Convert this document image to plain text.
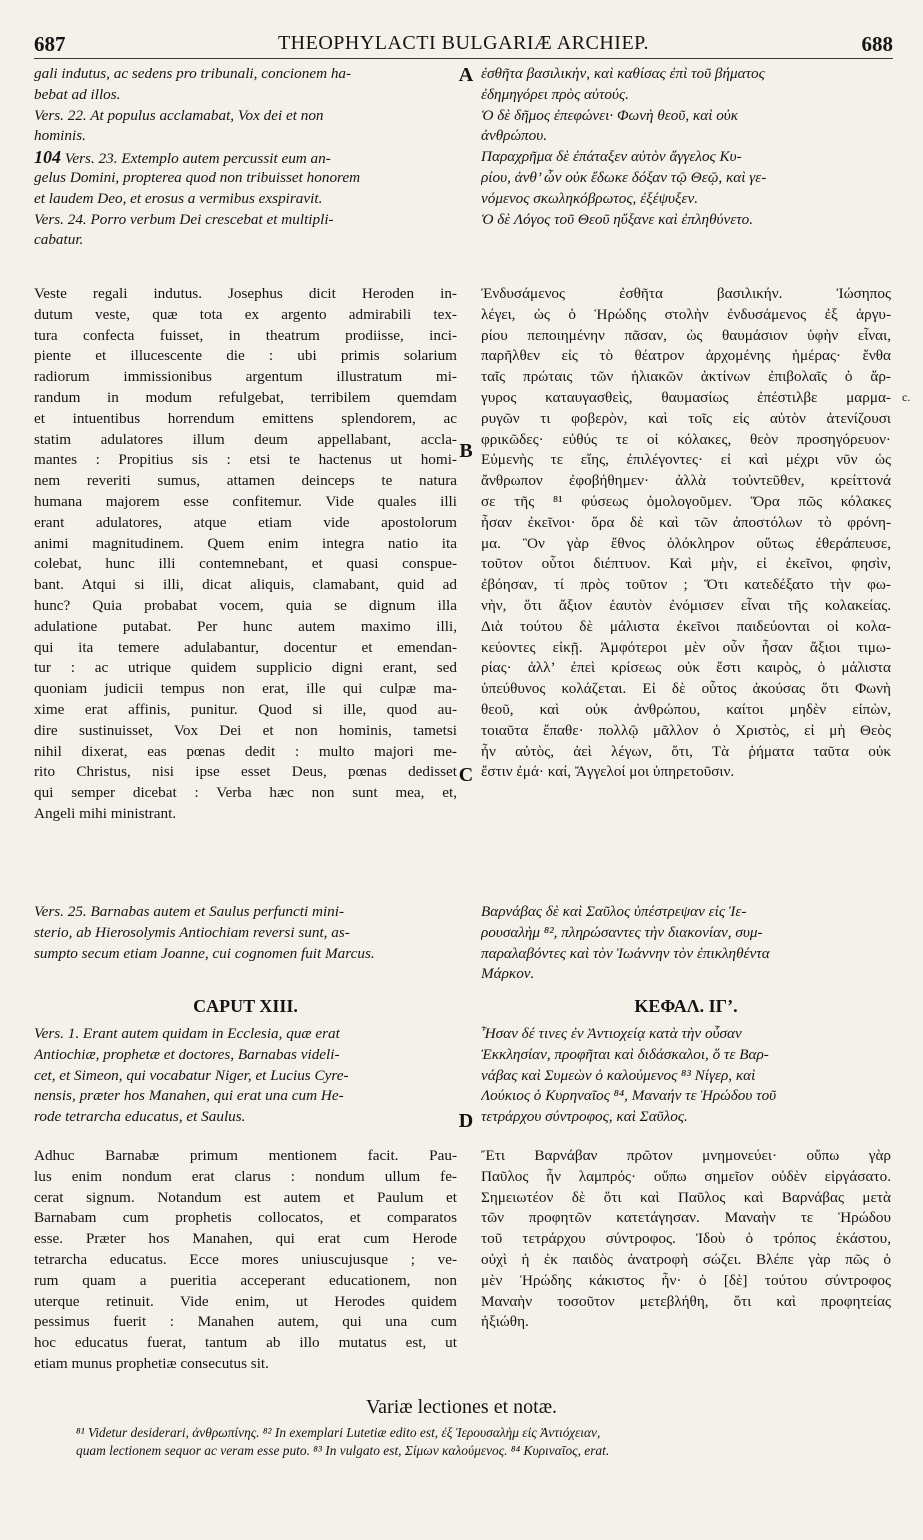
687	THEOPHYLACTI BULGARIÆ ARCHIEP.	688
A
B
C
D
c.
gali indutus, ac sedens pro tribunali, concionem ha-
bebat ad illos.
Vers. 22. At populus acclamabat, Vox dei et non
hominis.
104 Vers. 23. Extemplo autem percussit eum an-
gelus Domini, propterea quod non tribuisset honorem
et laudem Deo, et erosus a vermibus exspiravit.
Vers. 24. Porro verbum Dei crescebat et multipli-
cabatur.
Veste regali indutus. Josephus dicit Heroden in-
dutum veste, quæ tota ex argento admirabili tex-
tura confecta fuisset, in theatrum prodiisse, inci-
piente et illucescente die : ubi primis solarium
radiorum immissionibus argentum illustratum mi-
randum in modum refulgebat, terribilem quemdam
et intuentibus horrendum emittens splendorem, ac
statim adulatores illum deum appellabant, accla-
mantes : Propitius sis : etsi te hactenus ut homi-
nem reveriti sumus, attamen deinceps te natura
humana majorem esse confitemur. Vide quales illi
erant adulatores, atque etiam vide apostolorum
animi magnitudinem. Quem enim integra natio ita
colebat, hunc illi contemnebant, et quasi conspue-
bant. Atqui si illi, dicat aliquis, clamabant, quid ad
hunc? Quia probabat vocem, quia se dignum illa
adulatione putabat. Per hunc autem maximo illi,
qui ita temere adulabantur, docentur et emendan-
tur : ac utrique quidem supplicio digni erant, sed
quoniam judicii tempus non erat, ille qui culpæ ma-
xime erat affinis, punitur. Quod si ille, quod au-
dire sustinuisset, Vox Dei et non hominis, tametsi
nihil dixerat, eas pœnas dedit : multo majori me-
rito Christus, nisi ipse esset Deus, pœnas dedisset
qui semper dicebat : Verba hæc non sunt mea, et,
Angeli mihi ministrant.
Vers. 25. Barnabas autem et Saulus perfuncti mini-
sterio, ab Hierosolymis Antiochiam reversi sunt, as-
sumpto secum etiam Joanne, cui cognomen fuit Marcus.
CAPUT XIII.
Vers. 1. Erant autem quidam in Ecclesia, quæ erat
Antiochiæ, prophetæ et doctores, Barnabas videli-
cet, et Simeon, qui vocabatur Niger, et Lucius Cyre-
nensis, præter hos Manahen, qui erat una cum He-
rode tetrarcha educatus, et Saulus.
Adhuc Barnabæ primum mentionem facit. Pau-
lus enim nondum erat clarus : nondum ullum fe-
cerat signum. Notandum est autem et Paulum et
Barnabam cum prophetis collocatos, et comparatos
esse. Præter hos Manahen, qui erat cum Herode
tetrarcha educatus. Ecce mores uniuscujusque ; ve-
rum quam a pueritia acceperant educationem, non
uterque retinuit. Vide enim, ut Herodes quidem
pessimus fuerit : Manahen autem, qui una cum
hoc educatus fuerat, tantum ab illo mutatus est, ut
etiam munus prophetiæ consecutus sit.
ἐσθῆτα βασιλικὴν, καὶ καθίσας ἐπὶ τοῦ βήματος
ἐδημηγόρει πρὸς αὐτούς.
Ὁ δὲ δῆμος ἐπεφώνει· Φωνὴ θεοῦ, καὶ οὐκ
ἀνθρώπου.
Παραχρῆμα δὲ ἐπάταξεν αὐτὸν ἄγγελος Κυ-
ρίου, ἀνθ’ ὧν οὐκ ἔδωκε δόξαν τῷ Θεῷ, καὶ γε-
νόμενος σκωληκόβρωτος, ἐξέψυξεν.
Ὁ δὲ Λόγος τοῦ Θεοῦ ηὔξανε καὶ ἐπληθύνετο.
Ἐνδυσάμενος ἐσθῆτα βασιλικήν. Ἰώσηπος
λέγει, ὡς ὁ Ἡρώδης στολὴν ἐνδυσάμενος ἐξ ἀργυ-
ρίου πεποιημένην πᾶσαν, ὡς θαυμάσιον ὑφὴν εἶναι,
παρῆλθεν εἰς τὸ θέατρον ἀρχομένης ἡμέρας· ἔνθα
ταῖς πρώταις τῶν ἡλιακῶν ἀκτίνων ἐπιβολαῖς ὁ ἄρ-
γυρος καταυγασθεὶς, θαυμασίως ἐπέστιλβε μαρμα-
ρυγῶν τι φοβερὸν, καὶ τοῖς εἰς αὐτὸν ἀτενίζουσι
φρικῶδες· εὐθύς τε οἱ κόλακες, θεὸν προσηγόρευον·
Εὐμενὴς τε εἴης, ἐπιλέγοντες· εἰ καὶ μέχρι νῦν ὡς
ἄνθρωπον ἐφοβήθημεν· ἀλλὰ τοὐντεῦθεν, κρείττονά
σε τῆς ⁸¹ φύσεως ὁμολογοῦμεν. Ὅρα πῶς κόλακες
ἦσαν ἐκεῖνοι· ὅρα δὲ καὶ τῶν ἀποστόλων τὸ φρόνη-
μα. Ὃν γὰρ ἔθνος ὁλόκληρον οὕτως ἐθεράπευσε,
τοῦτον οὗτοι διέπτυον. Καὶ μὴν, εἰ ἐκεῖνοι, φησὶν,
ἐβόησαν, τί πρὸς τοῦτον ; Ὅτι κατεδέξατο τὴν φω-
νὴν, ὅτι ἄξιον ἑαυτὸν ἐνόμισεν εἶναι τῆς κολακείας.
Διὰ τούτου δὲ μάλιστα ἐκεῖνοι παιδεύονται οἱ κολα-
κεύοντες εἰκῇ. Ἀμφότεροι μὲν οὖν ἦσαν ἄξιοι τιμω-
ρίας· ἀλλ’ ἐπεὶ κρίσεως οὐκ ἔστι καιρὸς, ὁ μάλιστα
ὑπεύθυνος κολάζεται. Εἰ δὲ οὗτος ἀκούσας ὅτι Φωνὴ
θεοῦ, καὶ οὐκ ἀνθρώπου, καίτοι μηδὲν εἰπὼν,
τοιαῦτα ἔπαθε· πολλῷ μᾶλλον ὁ Χριστὸς, εἰ μὴ Θεὸς
ἦν αὐτὸς, ἀεὶ λέγων, ὅτι, Τὰ ῥήματα ταῦτα οὐκ
ἔστιν ἐμά· καί, Ἄγγελοί μοι ὑπηρετοῦσιν.
Βαρνάβας δὲ καὶ Σαῦλος ὑπέστρεψαν εἰς Ἱε-
ρουσαλὴμ ⁸², πληρώσαντες τὴν διακονίαν, συμ-
παραλαβόντες καὶ τὸν Ἰωάννην τὸν ἐπικληθέντα
Μάρκον.
ΚΕΦΑΛ. ΙΓ’.
Ἦσαν δέ τινες ἐν Ἀντιοχείᾳ κατὰ τὴν οὖσαν
Ἐκκλησίαν, προφῆται καὶ διδάσκαλοι, ὅ τε Βαρ-
νάβας καὶ Συμεὼν ὁ καλούμενος ⁸³ Νίγερ, καὶ
Λούκιος ὁ Κυρηναῖος ⁸⁴, Μαναήν τε Ἡρώδου τοῦ
τετράρχου σύντροφος, καὶ Σαῦλος.
Ἔτι Βαρνάβαν πρῶτον μνημονεύει· οὔπω γὰρ
Παῦλος ἦν λαμπρός· οὔπω σημεῖον οὐδὲν εἰργάσατο.
Σημειωτέον δὲ ὅτι καὶ Παῦλος καὶ Βαρνάβας μετὰ
τῶν προφητῶν κατετάγησαν. Μαναὴν τε Ἡρώδου
τοῦ τετράρχου σύντροφος. Ἰδοὺ ὁ τρόπος ἑκάστου,
οὐχὶ ἡ ἐκ παιδὸς ἀνατροφὴ σώζει. Βλέπε γὰρ πῶς ὁ
μὲν Ἡρώδης κάκιστος ἦν· ὁ [δὲ] τούτου σύντροφος
Μαναὴν τοσοῦτον μετεβλήθη, ὅτι καὶ προφητείας
ἠξιώθη.
Variæ lectiones et notæ.
⁸¹ Videtur desiderari, ἀνθρωπίνης. ⁸² In exemplari Lutetiæ edito est, ἐξ Ἱερουσαλὴμ εἰς Ἀντιόχειαν,
quam lectionem sequor ac veram esse puto. ⁸³ In vulgato est, Σίμων καλούμενος. ⁸⁴ Κυριναῖος, erat.
